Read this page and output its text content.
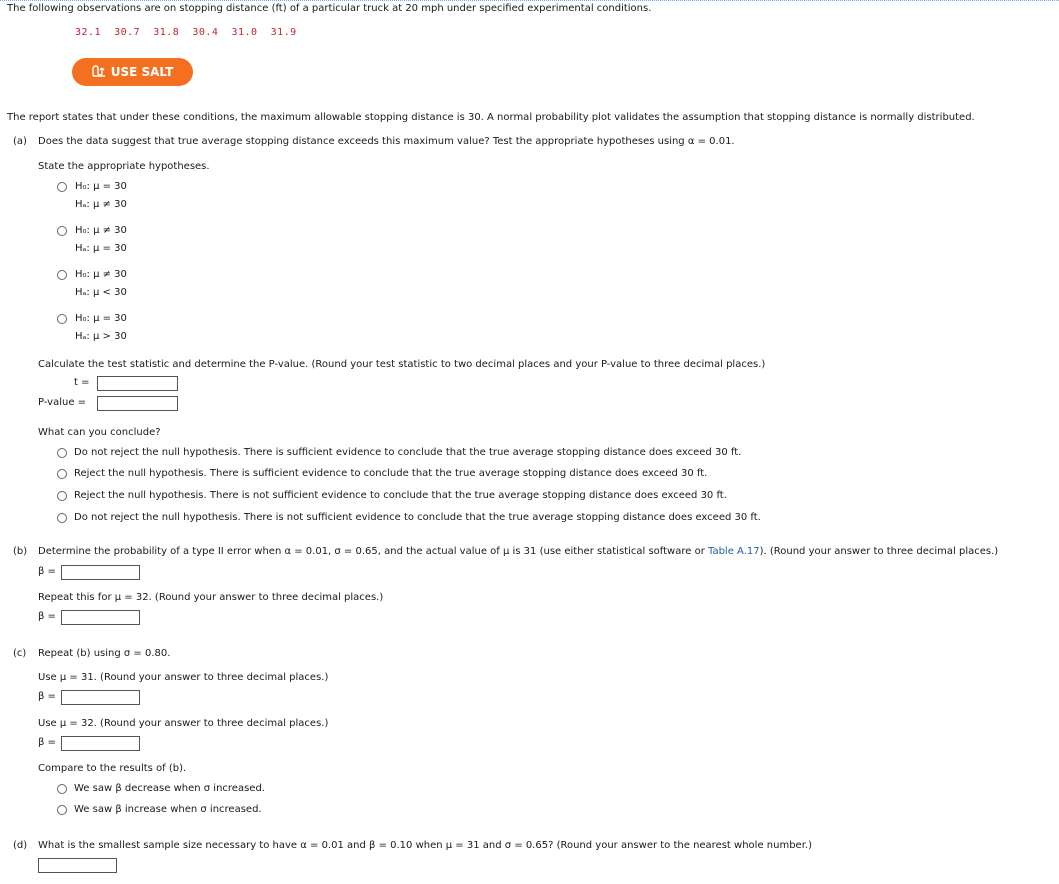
The following observations are on stopping distance (ft) of a particular truck at 20 mph under specified experimental conditions.
32.1  30.7  31.8  30.4  31.0  31.9
USE SALT
The report states that under these conditions, the maximum allowable stopping distance is 30. A normal probability plot validates the assumption that stopping distance is normally distributed.
(a) Does the data suggest that true average stopping distance exceeds this maximum value? Test the appropriate hypotheses using α = 0.01.
State the appropriate hypotheses.
H₀: μ = 30
Hₐ: μ ≠ 30
H₀: μ ≠ 30
Hₐ: μ = 30
H₀: μ ≠ 30
Hₐ: μ < 30
H₀: μ = 30
Hₐ: μ > 30
Calculate the test statistic and determine the P-value. (Round your test statistic to two decimal places and your P-value to three decimal places.)
t =
P-value =
What can you conclude?
Do not reject the null hypothesis. There is sufficient evidence to conclude that the true average stopping distance does exceed 30 ft.
Reject the null hypothesis. There is sufficient evidence to conclude that the true average stopping distance does exceed 30 ft.
Reject the null hypothesis. There is not sufficient evidence to conclude that the true average stopping distance does exceed 30 ft.
Do not reject the null hypothesis. There is not sufficient evidence to conclude that the true average stopping distance does exceed 30 ft.
(b) Determine the probability of a type II error when α = 0.01, σ = 0.65, and the actual value of μ is 31 (use either statistical software or Table A.17). (Round your answer to three decimal places.)
β =
Repeat this for μ = 32. (Round your answer to three decimal places.)
β =
(c) Repeat (b) using σ = 0.80.
Use μ = 31. (Round your answer to three decimal places.)
β =
Use μ = 32. (Round your answer to three decimal places.)
β =
Compare to the results of (b).
We saw β decrease when σ increased.
We saw β increase when σ increased.
(d) What is the smallest sample size necessary to have α = 0.01 and β = 0.10 when μ = 31 and σ = 0.65? (Round your answer to the nearest whole number.)
